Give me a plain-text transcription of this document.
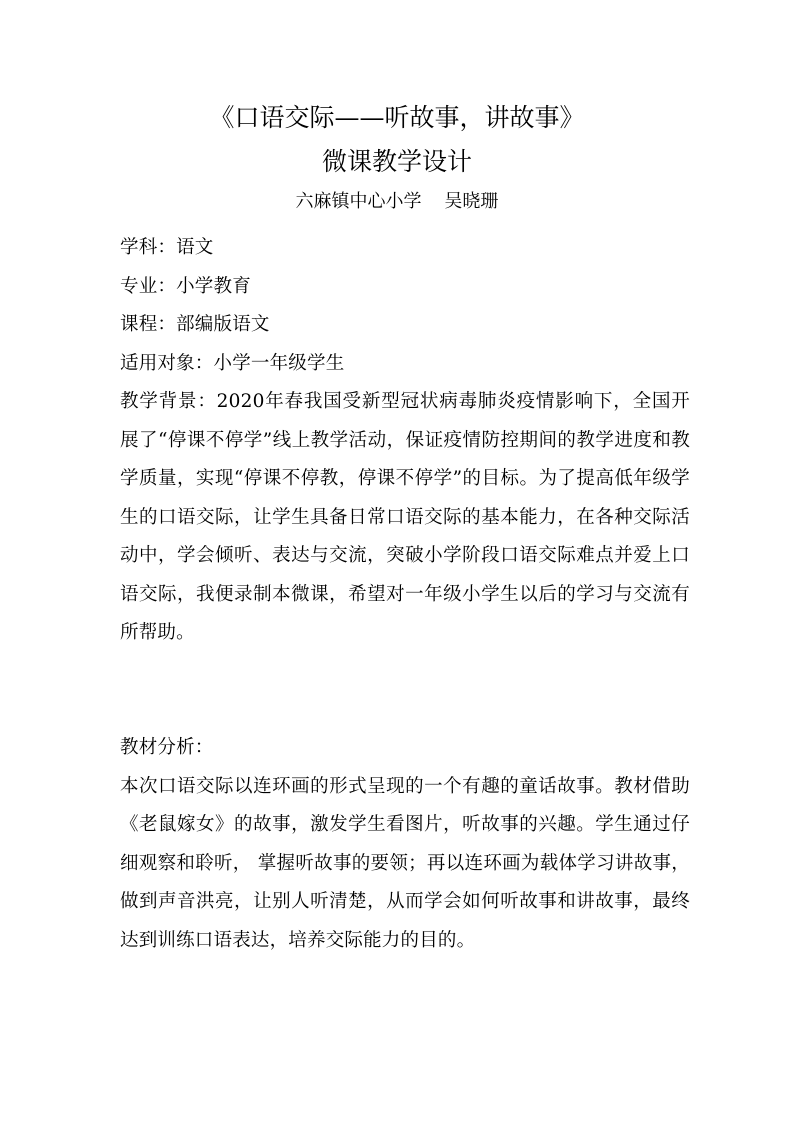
《口语交际——听故事，讲故事》
微课教学设计
六麻镇中心小学    吴晓珊
学科：语文
专业：小学教育
课程：部编版语文
适用对象：小学一年级学生

教学背景：2020年春我国受新型冠状病毒肺炎疫情影响下，全国开展了“停课不停学”线上教学活动，保证疫情防控期间的教学进度和教学质量，实现“停课不停教，停课不停学”的目标。为了提高低年级学生的口语交际，让学生具备日常口语交际的基本能力，在各种交际活动中，学会倾听、表达与交流，突破小学阶段口语交际难点并爱上口语交际，我便录制本微课，希望对一年级小学生以后的学习与交流有所帮助。

教材分析：

本次口语交际以连环画的形式呈现的一个有趣的童话故事。教材借助《老鼠嫁女》的故事，激发学生看图片，听故事的兴趣。学生通过仔细观察和聆听， 掌握听故事的要领；再以连环画为载体学习讲故事，做到声音洪亮，让别人听清楚，从而学会如何听故事和讲故事，最终达到训练口语表达，培养交际能力的目的。
